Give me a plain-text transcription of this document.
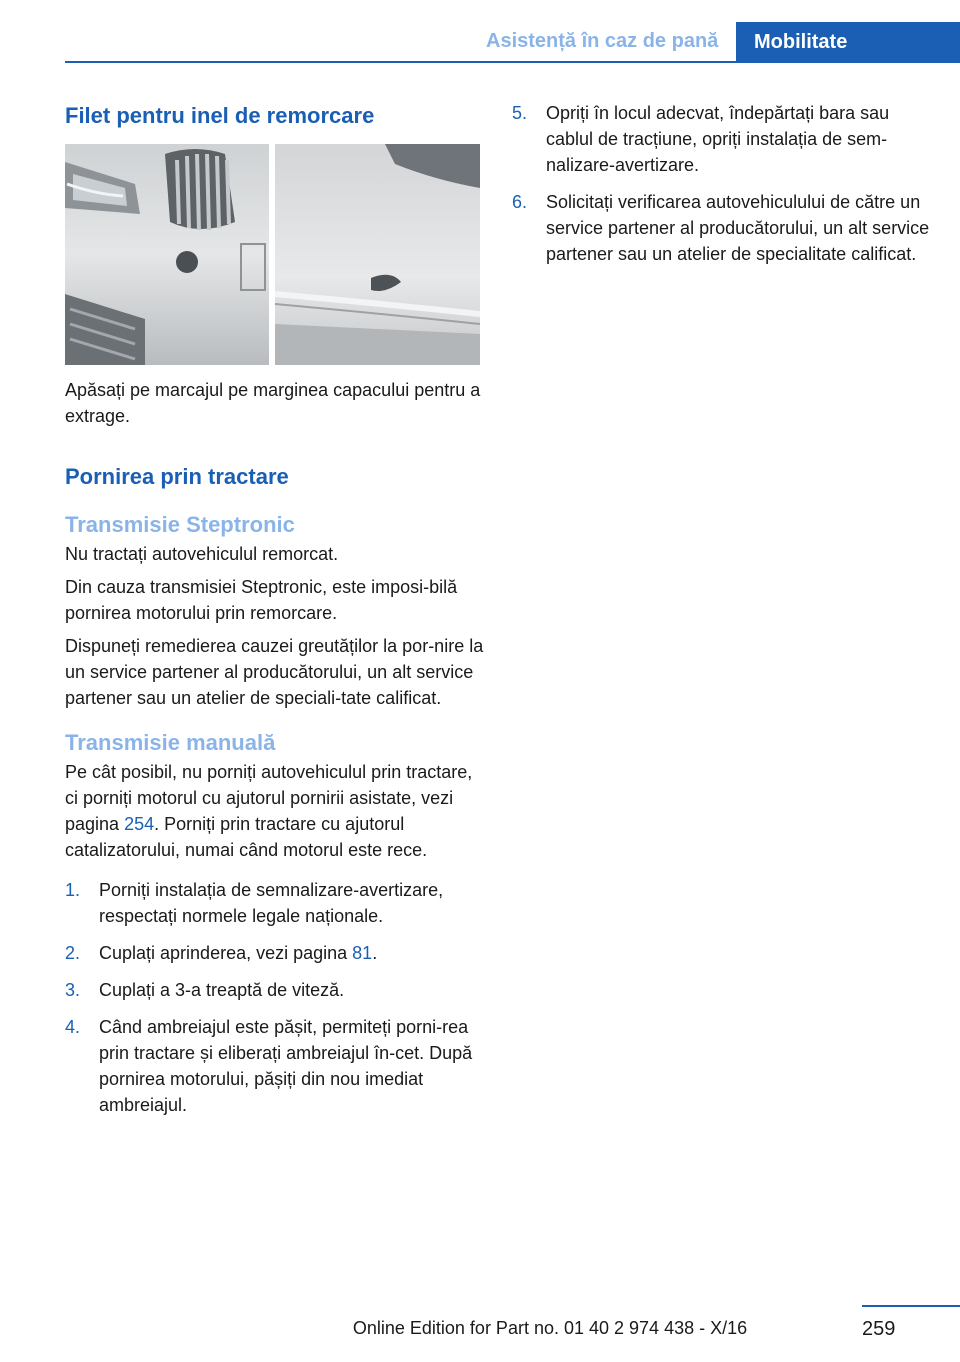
Asistență în caz de pană	Mobilitate
Filet pentru inel de remorcare

Apăsați pe marcajul pe marginea capacului pentru a extrage.

Pornirea prin tractare
Transmisie Steptronic

Nu tractați autovehiculul remorcat.

Din cauza transmisiei Steptronic, este imposi-bilă pornirea motorului prin remorcare.

Dispuneți remedierea cauzei greutăților la por-nire la un service partener al producătorului, un alt service partener sau un atelier de speciali-tate calificat.

Transmisie manuală

Pe cât posibil, nu porniți autovehiculul prin tractare, ci porniți motorul cu ajutorul pornirii asistate, vezi pagina 254. Porniți prin tractare cu ajutorul catalizatorului, numai când motorul este rece.

1.	Porniți instalația de semnalizare-avertizare, respectați normele legale naționale.
2.	Cuplați aprinderea, vezi pagina 81.
3.	Cuplați a 3-a treaptă de viteză.
4.	Când ambreiajul este pășit, permiteți porni-rea prin tractare și eliberați ambreiajul în-cet. După pornirea motorului, pășiți din nou imediat ambreiajul.
5.	Opriți în locul adecvat, îndepărtați bara sau cablul de tracțiune, opriți instalația de sem-nalizare-avertizare.
6.	Solicitați verificarea autovehiculului de către un service partener al producătorului, un alt service partener sau un atelier de specialitate calificat.
259
Online Edition for Part no. 01 40 2 974 438 - X/16
